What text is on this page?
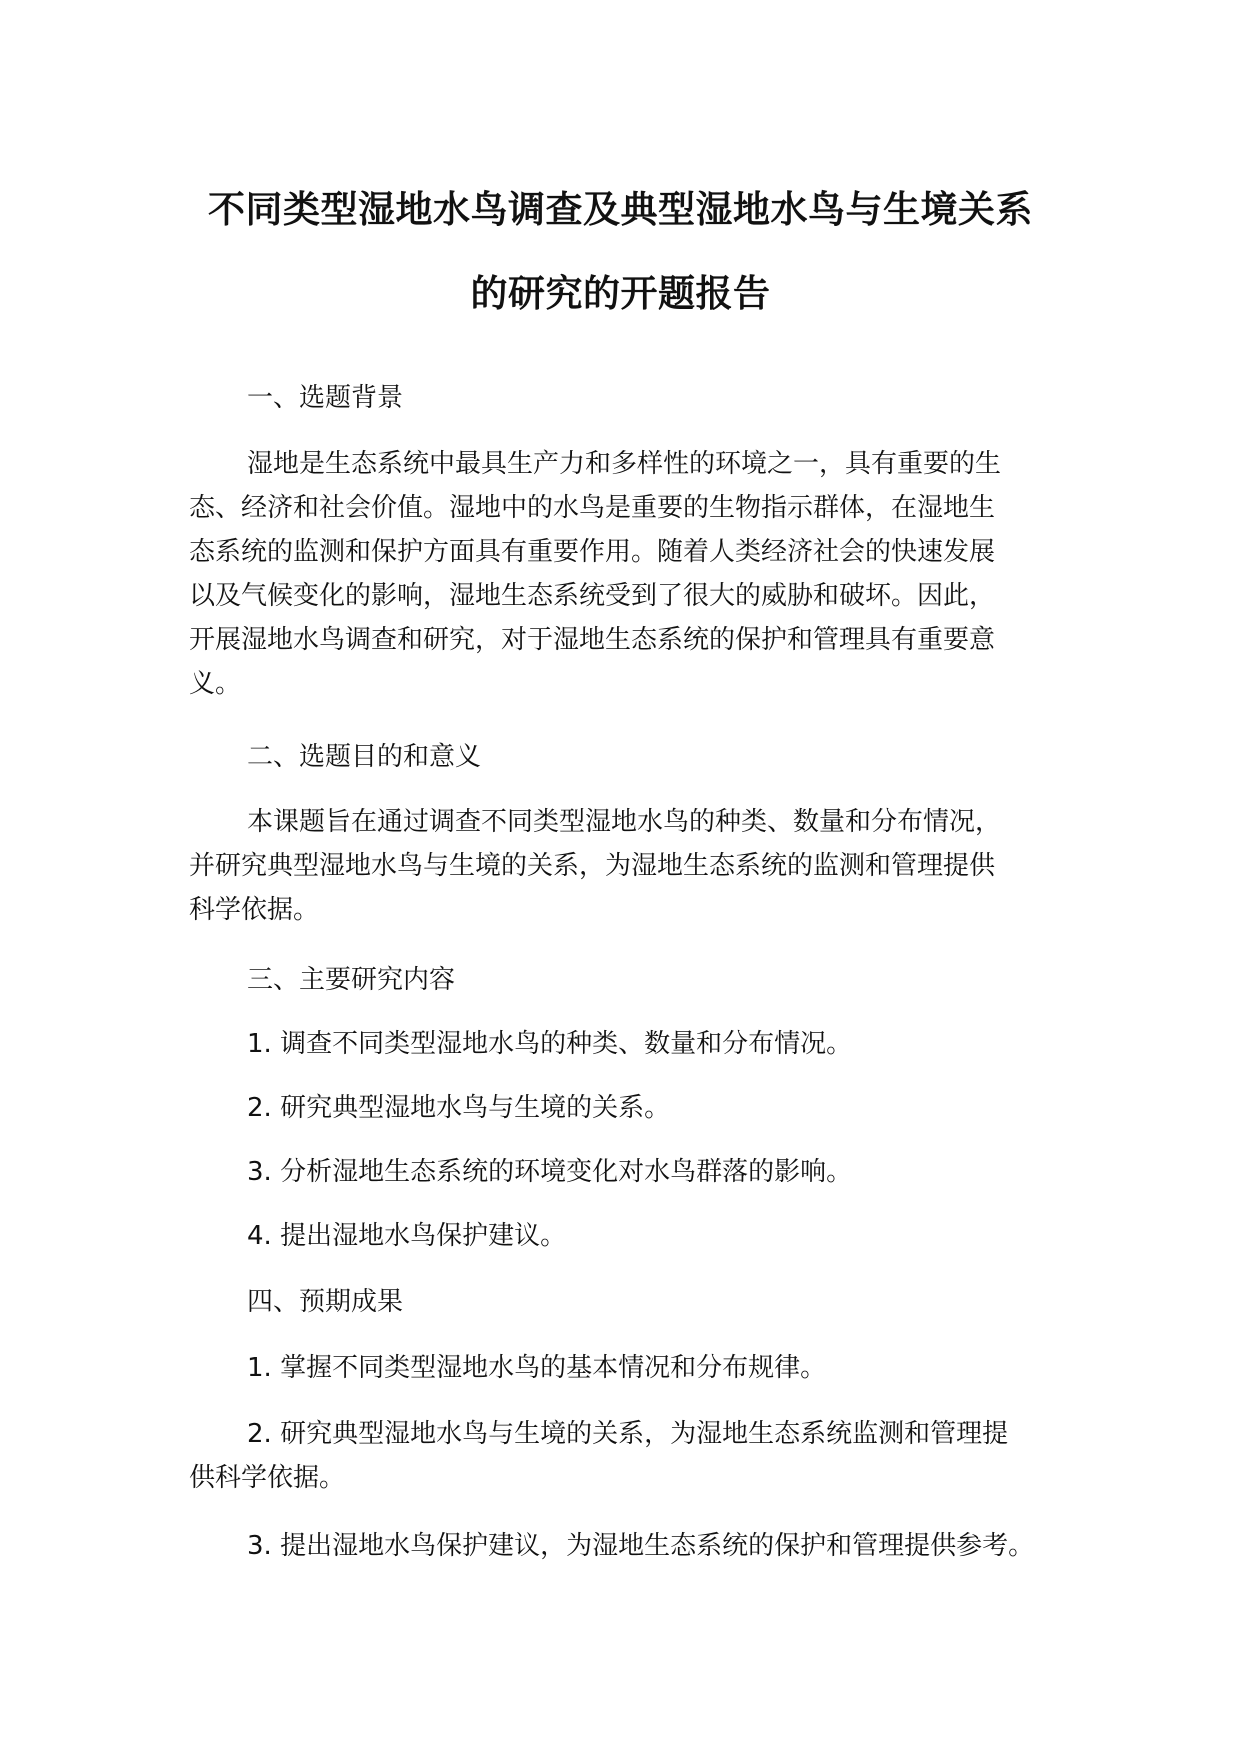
不同类型湿地水鸟调查及典型湿地水鸟与生境关系
的研究的开题报告
一、选题背景
湿地是生态系统中最具生产力和多样性的环境之一，具有重要的生
态、经济和社会价值。湿地中的水鸟是重要的生物指示群体，在湿地生
态系统的监测和保护方面具有重要作用。随着人类经济社会的快速发展
以及气候变化的影响，湿地生态系统受到了很大的威胁和破坏。因此，
开展湿地水鸟调查和研究，对于湿地生态系统的保护和管理具有重要意
义。
二、选题目的和意义
本课题旨在通过调查不同类型湿地水鸟的种类、数量和分布情况，
并研究典型湿地水鸟与生境的关系，为湿地生态系统的监测和管理提供
科学依据。
三、主要研究内容
1. 调查不同类型湿地水鸟的种类、数量和分布情况。
2. 研究典型湿地水鸟与生境的关系。
3. 分析湿地生态系统的环境变化对水鸟群落的影响。
4. 提出湿地水鸟保护建议。
四、预期成果
1. 掌握不同类型湿地水鸟的基本情况和分布规律。
2. 研究典型湿地水鸟与生境的关系，为湿地生态系统监测和管理提
供科学依据。
3. 提出湿地水鸟保护建议，为湿地生态系统的保护和管理提供参考。
